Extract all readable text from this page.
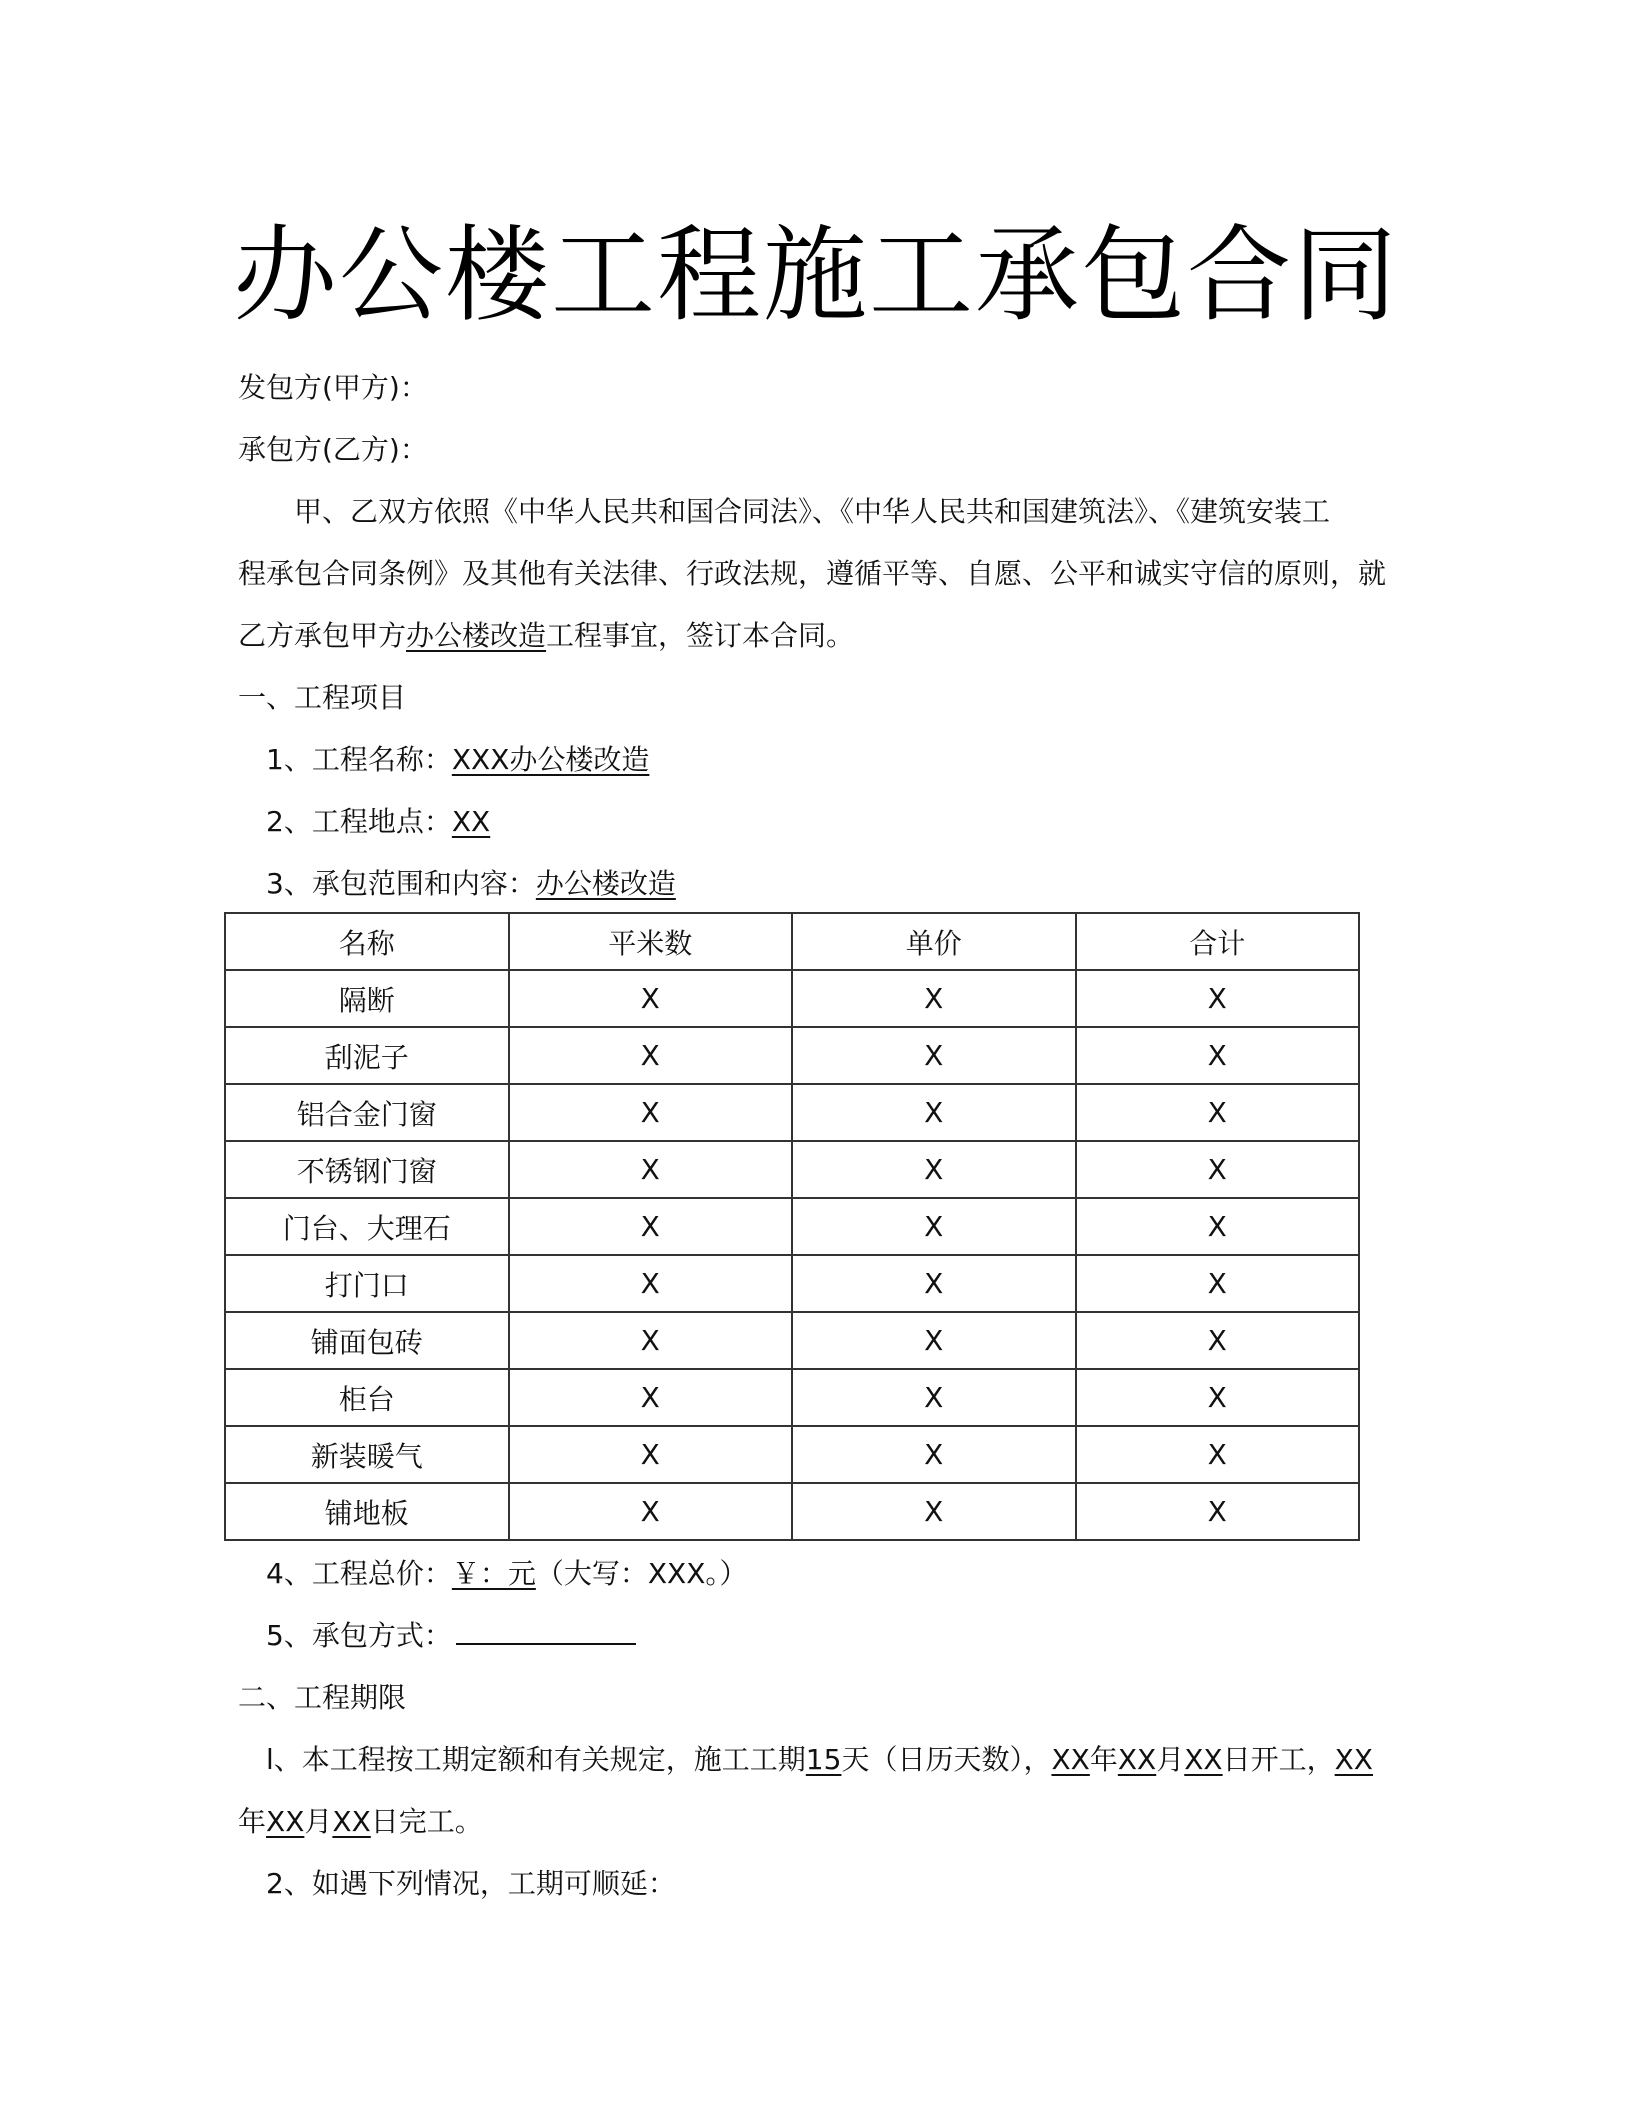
办公楼工程施工承包合同
发包方(甲方)：
承包方(乙方)：
甲、乙双方依照《中华人民共和国合同法》、《中华人民共和国建筑法》、《建筑安装工
程承包合同条例》及其他有关法律、行政法规，遵循平等、自愿、公平和诚实守信的原则，就
乙方承包甲方办公楼改造工程事宜，签订本合同。
一、工程项目
1、工程名称：XXX办公楼改造
2、工程地点：XX
3、承包范围和内容：办公楼改造
名称	平米数	单价	合计
隔断	X	X	X
刮泥子	X	X	X
铝合金门窗	X	X	X
不锈钢门窗	X	X	X
门台、大理石	X	X	X
打门口	X	X	X
铺面包砖	X	X	X
柜台	X	X	X
新装暖气	X	X	X
铺地板	X	X	X
4、工程总价：￥：元（大写：XXX。）
5、承包方式：
二、工程期限
l、本工程按工期定额和有关规定，施工工期15天（日历天数），XX年XX月XX日开工，XX
年XX月XX日完工。
2、如遇下列情况，工期可顺延：
